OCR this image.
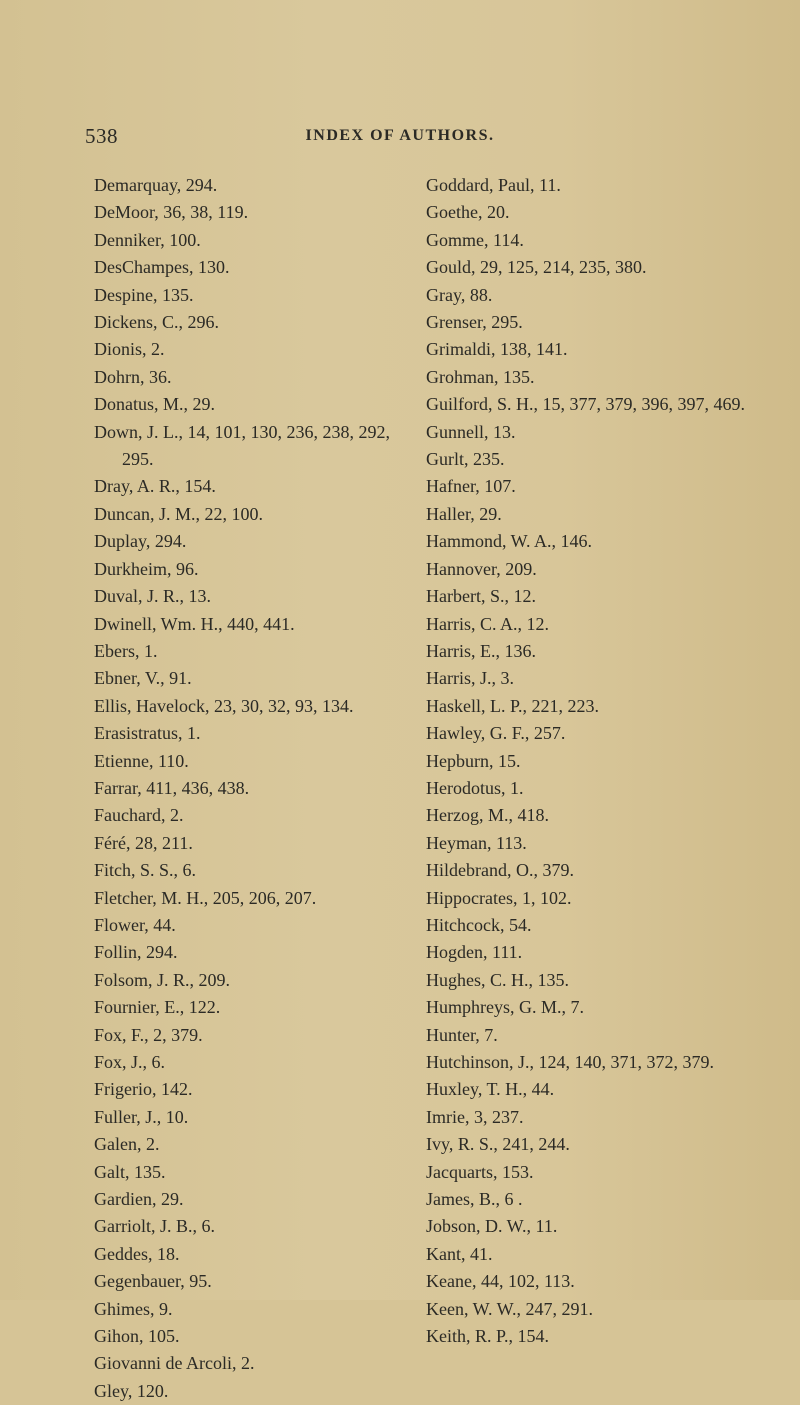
538	INDEX OF AUTHORS.
Demarquay, 294.
DeMoor, 36, 38, 119.
Denniker, 100.
DesChampes, 130.
Despine, 135.
Dickens, C., 296.
Dionis, 2.
Dohrn, 36.
Donatus, M., 29.
Down, J. L., 14, 101, 130, 236, 238, 292, 295.
Dray, A. R., 154.
Duncan, J. M., 22, 100.
Duplay, 294.
Durkheim, 96.
Duval, J. R., 13.
Dwinell, Wm. H., 440, 441.
Ebers, 1.
Ebner, V., 91.
Ellis, Havelock, 23, 30, 32, 93, 134.
Erasistratus, 1.
Etienne, 110.
Farrar, 411, 436, 438.
Fauchard, 2.
Féré, 28, 211.
Fitch, S. S., 6.
Fletcher, M. H., 205, 206, 207.
Flower, 44.
Follin, 294.
Folsom, J. R., 209.
Fournier, E., 122.
Fox, F., 2, 379.
Fox, J., 6.
Frigerio, 142.
Fuller, J., 10.
Galen, 2.
Galt, 135.
Gardien, 29.
Garriolt, J. B., 6.
Geddes, 18.
Gegenbauer, 95.
Ghimes, 9.
Gihon, 105.
Giovanni de Arcoli, 2.
Gley, 120.
Goddard, Paul, 11.
Goethe, 20.
Gomme, 114.
Gould, 29, 125, 214, 235, 380.
Gray, 88.
Grenser, 295.
Grimaldi, 138, 141.
Grohman, 135.
Guilford, S. H., 15, 377, 379, 396, 397, 469.
Gunnell, 13.
Gurlt, 235.
Hafner, 107.
Haller, 29.
Hammond, W. A., 146.
Hannover, 209.
Harbert, S., 12.
Harris, C. A., 12.
Harris, E., 136.
Harris, J., 3.
Haskell, L. P., 221, 223.
Hawley, G. F., 257.
Hepburn, 15.
Herodotus, 1.
Herzog, M., 418.
Heyman, 113.
Hildebrand, O., 379.
Hippocrates, 1, 102.
Hitchcock, 54.
Hogden, 111.
Hughes, C. H., 135.
Humphreys, G. M., 7.
Hunter, 7.
Hutchinson, J., 124, 140, 371, 372, 379.
Huxley, T. H., 44.
Imrie, 3, 237.
Ivy, R. S., 241, 244.
Jacquarts, 153.
James, B., 6 .
Jobson, D. W., 11.
Kant, 41.
Keane, 44, 102, 113.
Keen, W. W., 247, 291.
Keith, R. P., 154.
